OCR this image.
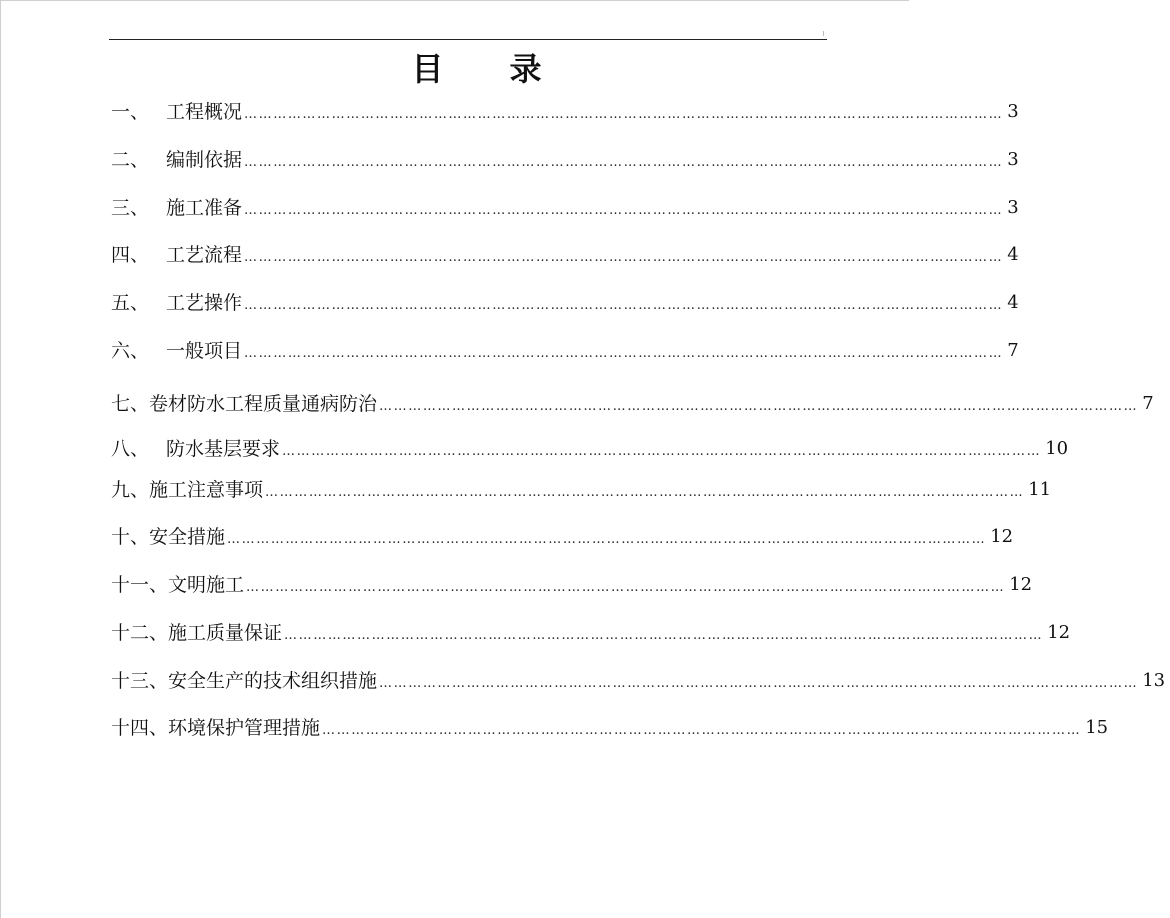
目 录
一、 工程概况 ………………………………………………………………………………………………………………………………………… 3
二、 编制依据 ………………………………………………………………………………………………………………………………………… 3
三、 施工准备 ………………………………………………………………………………………………………………………………………… 3
四、 工艺流程 ………………………………………………………………………………………………………………………………………… 4
五、 工艺操作 ………………………………………………………………………………………………………………………………………… 4
六、 一般项目 ………………………………………………………………………………………………………………………………………… 7
七、 卷材防水工程质量通病防治 ………………………………………………………………………………………………………………………………………… 7
八、 防水基层要求 ………………………………………………………………………………………………………………………………………… 10
九、 施工注意事项 ………………………………………………………………………………………………………………………………………… 11
十、 安全措施 ………………………………………………………………………………………………………………………………………… 12
十一、 文明施工 ………………………………………………………………………………………………………………………………………… 12
十二、 施工质量保证 ………………………………………………………………………………………………………………………………………… 12
十三、 安全生产的技术组织措施 ………………………………………………………………………………………………………………………………………… 13
十四、 环境保护管理措施 ………………………………………………………………………………………………………………………………………… 15
